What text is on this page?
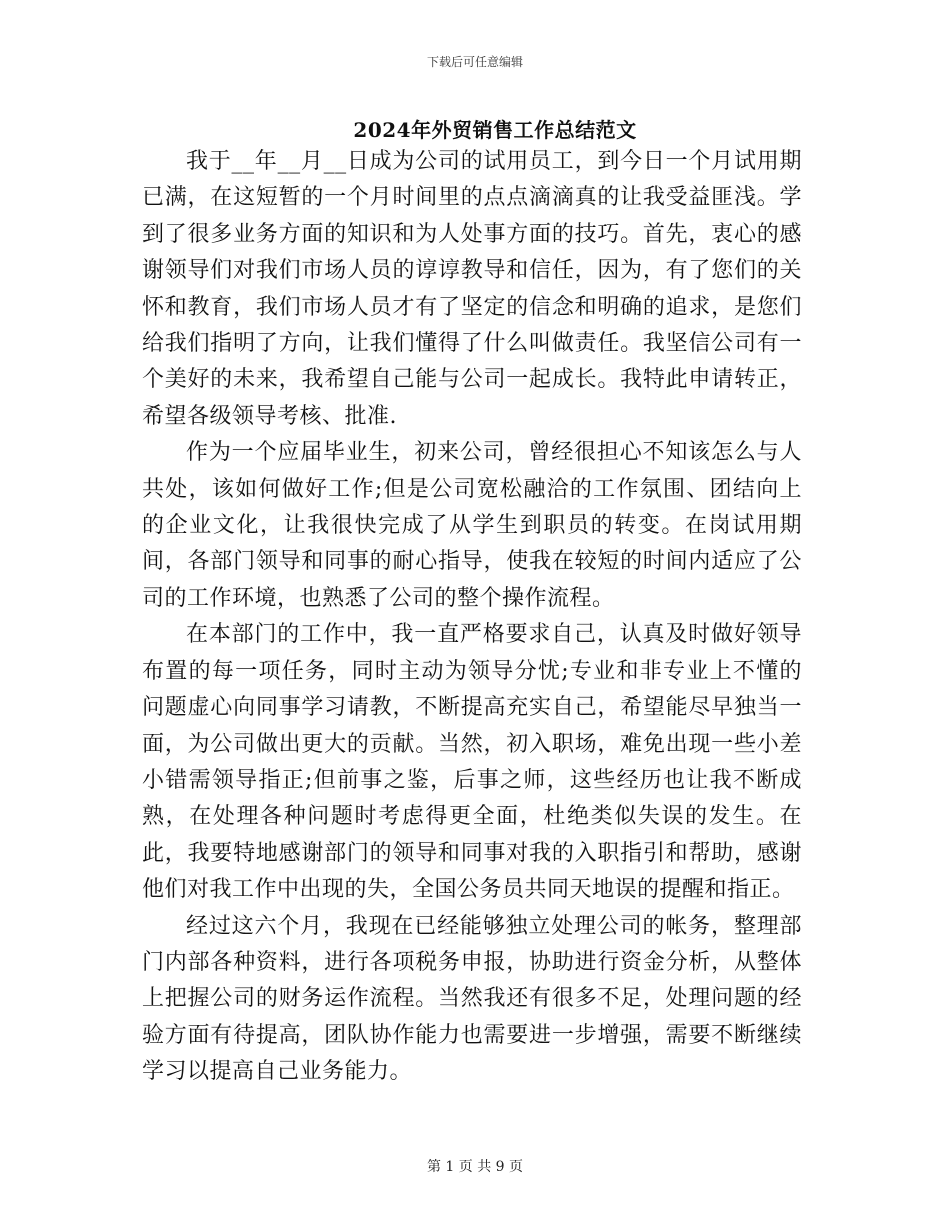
下载后可任意编辑
2024年外贸销售工作总结范文

我于__年__月__日成为公司的试用员工，到今日一个月试用期已满，在这短暂的一个月时间里的点点滴滴真的让我受益匪浅。学到了很多业务方面的知识和为人处事方面的技巧。首先，衷心的感谢领导们对我们市场人员的谆谆教导和信任，因为，有了您们的关怀和教育，我们市场人员才有了坚定的信念和明确的追求，是您们给我们指明了方向，让我们懂得了什么叫做责任。我坚信公司有一个美好的未来，我希望自己能与公司一起成长。我特此申请转正，希望各级领导考核、批准.

作为一个应届毕业生，初来公司，曾经很担心不知该怎么与人共处，该如何做好工作;但是公司宽松融洽的工作氛围、团结向上的企业文化，让我很快完成了从学生到职员的转变。在岗试用期间，各部门领导和同事的耐心指导，使我在较短的时间内适应了公司的工作环境，也熟悉了公司的整个操作流程。

在本部门的工作中，我一直严格要求自己，认真及时做好领导布置的每一项任务，同时主动为领导分忧;专业和非专业上不懂的问题虚心向同事学习请教，不断提高充实自己，希望能尽早独当一面，为公司做出更大的贡献。当然，初入职场，难免出现一些小差小错需领导指正;但前事之鉴，后事之师，这些经历也让我不断成熟，在处理各种问题时考虑得更全面，杜绝类似失误的发生。在此，我要特地感谢部门的领导和同事对我的入职指引和帮助，感谢他们对我工作中出现的失，全国公务员共同天地误的提醒和指正。

经过这六个月，我现在已经能够独立处理公司的帐务，整理部门内部各种资料，进行各项税务申报，协助进行资金分析，从整体上把握公司的财务运作流程。当然我还有很多不足，处理问题的经验方面有待提高，团队协作能力也需要进一步增强，需要不断继续学习以提高自己业务能力。

第 1 页 共 9 页
